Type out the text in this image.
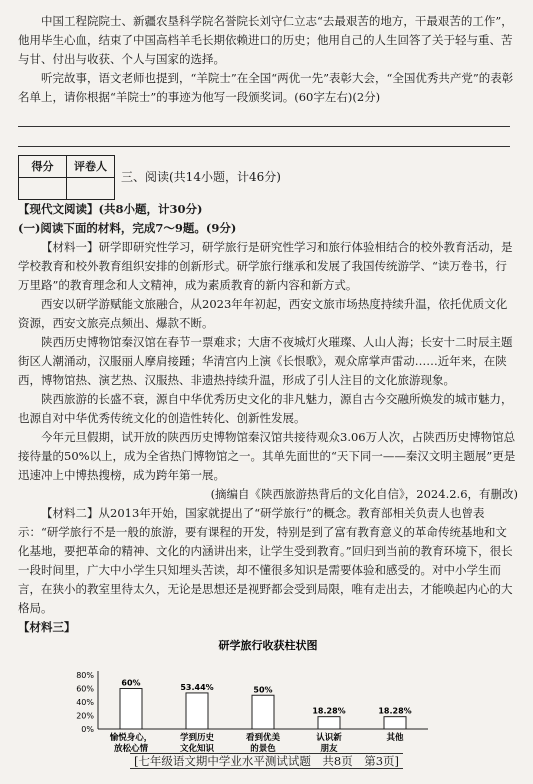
中国工程院院士、新疆农垦科学院名誉院长刘守仁立志“去最艰苦的地方，干最艰苦的工作”，他用毕生心血，结束了中国高档羊毛长期依赖进口的历史；他用自己的人生回答了关于轻与重、苦与甘、付出与收获、个人与国家的选择。

听完故事，语文老师也提到，“羊院士”在全国“两优一先”表彰大会，“全国优秀共产党”的表彰名单上，请你根据“羊院士”的事迹为他写一段颁奖词。(60字左右)(2分)

得分	评卷人

三、阅读(共14小题，计46分)

【现代文阅读】(共8小题，计30分)

(一)阅读下面的材料，完成7～9题。(9分)

【材料一】研学即研究性学习，研学旅行是研究性学习和旅行体验相结合的校外教育活动，是学校教育和校外教育组织安排的创新形式。研学旅行继承和发展了我国传统游学、“读万卷书，行万里路”的教育理念和人文精神，成为素质教育的新内容和新方式。

西安以研学游赋能文旅融合，从2023年年初起，西安文旅市场热度持续升温，依托优质文化资源，西安文旅亮点频出、爆款不断。

陕西历史博物馆秦汉馆在春节一票难求；大唐不夜城灯火璀璨、人山人海；长安十二时辰主题街区人潮涌动，汉服丽人摩肩接踵；华清宫内上演《长恨歌》，观众席掌声雷动……近年来，在陕西，博物馆热、演艺热、汉服热、非遗热持续升温，形成了引人注目的文化旅游现象。

陕西旅游的长盛不衰，源自中华优秀历史文化的非凡魅力，源自古今交融所焕发的城市魅力，也源自对中华优秀传统文化的创造性转化、创新性发展。

今年元旦假期，试开放的陕西历史博物馆秦汉馆共接待观众3.06万人次，占陕西历史博物馆总接待量的50%以上，成为全省热门博物馆之一。其单先面世的“天下同一——秦汉文明主题展”更是迅速冲上中博热搜榜，成为跨年第一展。

(摘编自《陕西旅游热背后的文化自信》，2024.2.6，有删改)

【材料二】从2013年开始，国家就提出了“研学旅行”的概念。教育部相关负责人也曾表示：“研学旅行不是一般的旅游，要有课程的开发，特别是到了富有教育意义的革命传统基地和文化基地，要把革命的精神、文化的内涵讲出来，让学生受到教育。”回归到当前的教育环境下，很长一段时间里，广大中小学生只知埋头苦读，却不懂很多知识是需要体验和感受的。对中小学生而言，在狭小的教室里待太久，无论是思想还是视野都会受到局限，唯有走出去，才能唤起内心的大格局。

【材料三】
研学旅行收获柱状图
0%
20%
40%
60%
80%
60%
愉悦身心，
放松心情
53.44%
学到历史
文化知识
50%
看到优美
的景色
18.28%
认识新
朋友
18.28%
其他
[七年级语文期中学业水平测试试题　共8页　第3页]
